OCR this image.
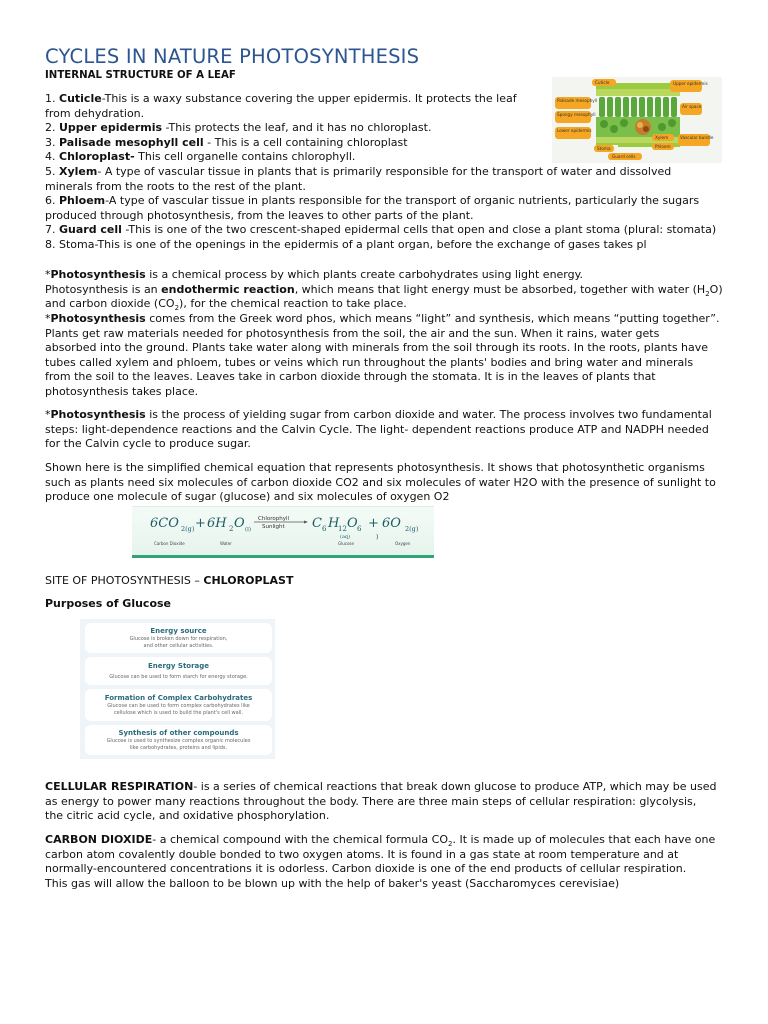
CYCLES IN NATURE PHOTOSYNTHESIS
INTERNAL STRUCTURE OF A LEAF
1. Cuticle-This is a waxy substance covering the upper epidermis. It protects the leaf
from dehydration.
2. Upper epidermis -This protects the leaf, and it has no chloroplast.
3. Palisade mesophyll cell - This is a cell containing chloroplast
4. Chloroplast- This cell organelle contains chlorophyll.
5. Xylem- A type of vascular tissue in plants that is primarily responsible for the transport of water and dissolved
minerals from the roots to the rest of the plant.
6. Phloem-A type of vascular tissue in plants responsible for the transport of organic nutrients, particularly the sugars
produced through photosynthesis, from the leaves to other parts of the plant.
7. Guard cell -This is one of the two crescent-shaped epidermal cells that open and close a plant stoma (plural: stomata)
8. Stoma-This is one of the openings in the epidermis of a plant organ, before the exchange of gases takes pl
Cuticle	Upper epidermis
Palisade mesophyll
Spongy mesophyll
Air space
Lower epidermis
Xylem	Vascular bundle
Phloem
Stoma
Guard cells
*Photosynthesis is a chemical process by which plants create carbohydrates using light energy.
Photosynthesis is an endothermic reaction, which means that light energy must be absorbed, together with water $(H_2O)$
and carbon dioxide $(CO_2)$, for the chemical reaction to take place.
*Photosynthesis comes from the Greek word phos, which means “light” and synthesis, which means “putting together”.
Plants get raw materials needed for photosynthesis from the soil, the air and the sun. When it rains, water gets
absorbed into the ground. Plants take water along with minerals from the soil through its roots. In the roots, plants have
tubes called xylem and phloem, tubes or veins which run throughout the plants' bodies and bring water and minerals
from the soil to the leaves. Leaves take in carbon dioxide through the stomata. It is in the leaves of plants that
photosynthesis takes place.
*Photosynthesis is the process of yielding sugar from carbon dioxide and water. The process involves two fundamental
steps: light-dependence reactions and the Calvin Cycle. The light- dependent reactions produce ATP and NADPH needed
for the Calvin cycle to produce sugar.
Shown here is the simplified chemical equation that represents photosynthesis. It shows that photosynthetic organisms
such as plants need six molecules of carbon dioxide CO2 and six molecules of water H2O with the presence of sunlight to
produce one molecule of sugar (glucose) and six molecules of oxygen O2
6CO 2(g) + 6H 2 O (l)	C 6 H
12 O 6
(aq)
+ 6O 2(g)
Chlorophyll
Sunlight
)
Carbon Dioxide	Water	Glucose	Oxygen
SITE OF PHOTOSYNTHESIS – CHLOROPLAST
Purposes of Glucose
Energy source
Glucose is broken down for respiration,
and other cellular activities.
Energy Storage
Glucose can be used to form starch for energy storage.
Formation of Complex Carbohydrates
Glucose can be used to form complex carbohydrates like
cellulose which is used to build the plant's cell wall.
Synthesis of other compounds
Glucose is used to synthesize complex organic molecules
like carbohydrates, proteins and lipids.
CELLULAR RESPIRATION- is a series of chemical reactions that break down glucose to produce ATP, which may be used
as energy to power many reactions throughout the body. There are three main steps of cellular respiration: glycolysis,
the citric acid cycle, and oxidative phosphorylation.
CARBON DIOXIDE- a chemical compound with the chemical formula $CO_2$. It is made up of molecules that each have one
carbon atom covalently double bonded to two oxygen atoms. It is found in a gas state at room temperature and at
normally-encountered concentrations it is odorless. Carbon dioxide is one of the end products of cellular respiration.
This gas will allow the balloon to be blown up with the help of baker's yeast (Saccharomyces cerevisiae)
